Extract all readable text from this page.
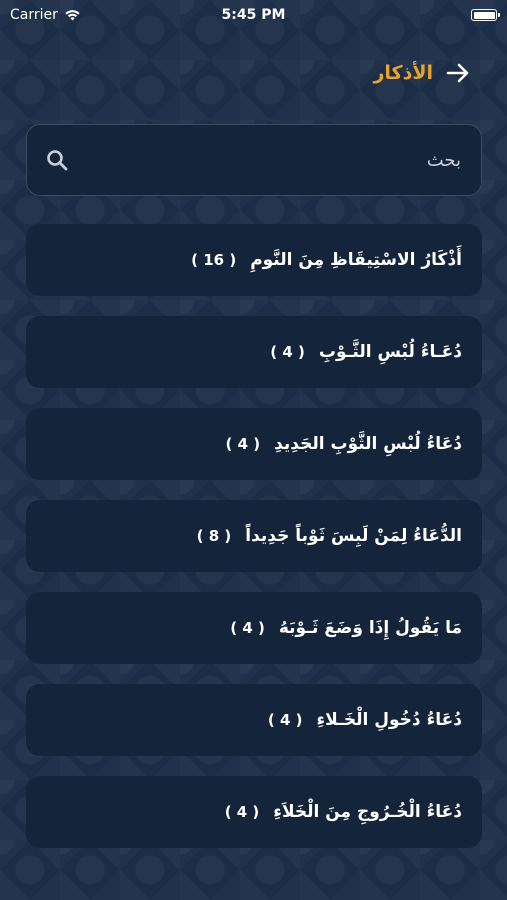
Carrier	5:45 PM
الأذكار
بحث
أَذْكَارُ الاسْتِيقَاظِ مِنَ النَّومِ
( 16 )
دُعَـاءُ لُبْسِ الثَّـوْبِ
( 4 )
دُعَاءُ لُبْسِ الثَّوْبِ الجَدِيدِ
( 4 )
الدُّعَاءُ لِمَنْ لَبِسَ ثَوْباً جَدِيداً
( 8 )
مَا يَقُولُ إِذَا وَضَعَ ثَـوْبَهُ
( 4 )
دُعَاءُ دُخُولِ الْخَـلاءِ
( 4 )
دُعَاءُ الْخُـرُوجِ مِنَ الْخَلاَءِ
( 4 )
